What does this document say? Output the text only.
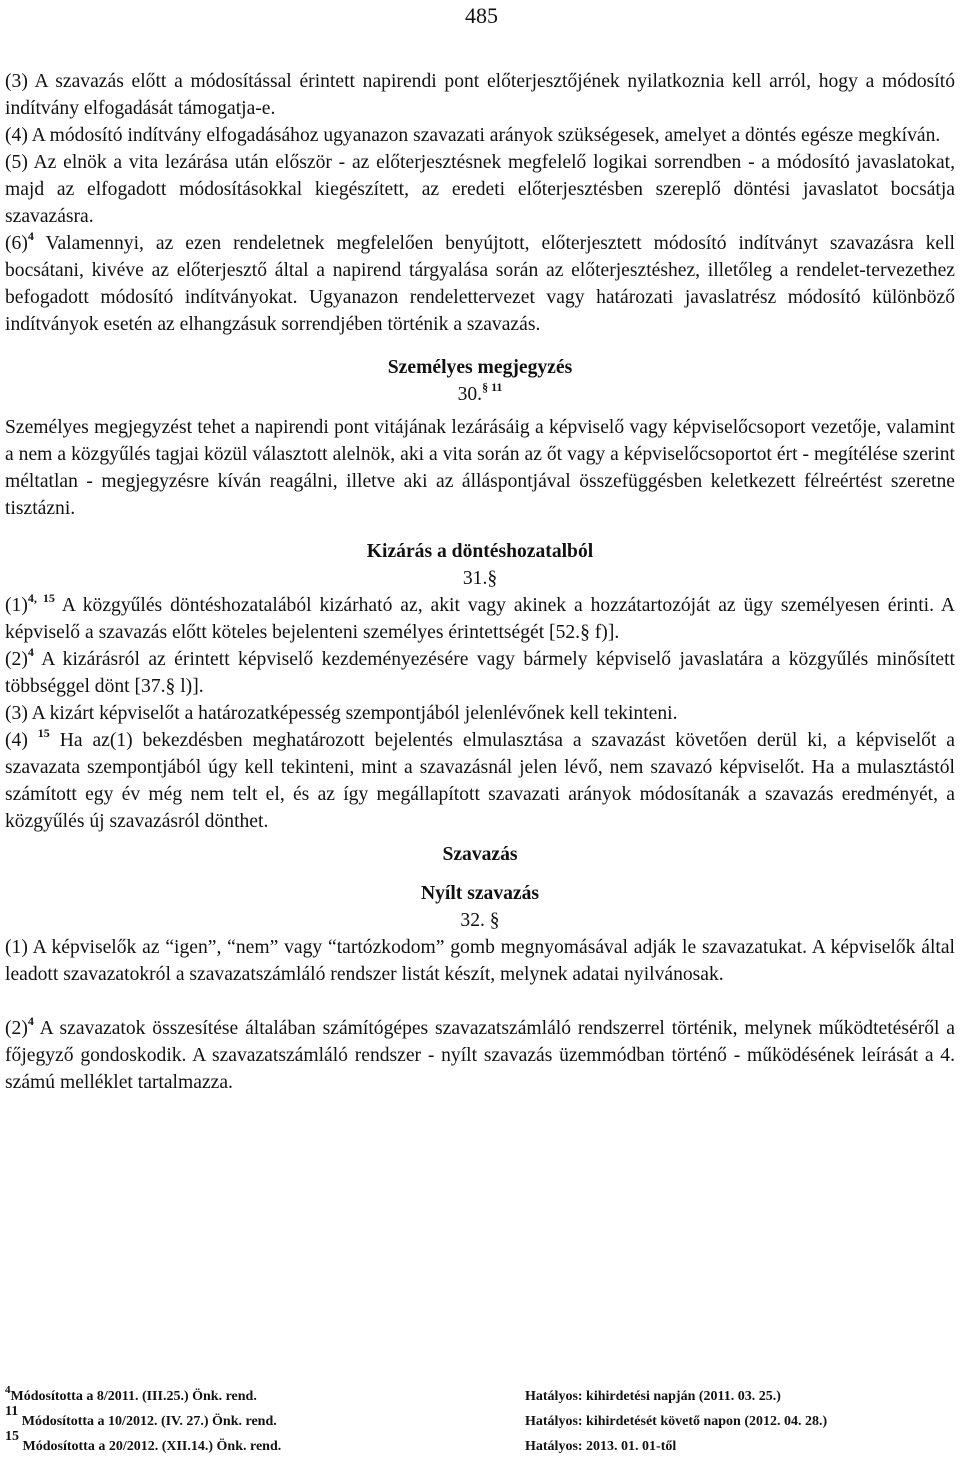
485

(3) A szavazás előtt a módosítással érintett napirendi pont előterjesztőjének nyilatkoznia kell arról, hogy a módosító indítvány elfogadását támogatja-e.

(4) A módosító indítvány elfogadásához ugyanazon szavazati arányok szükségesek, amelyet a döntés egésze megkíván.

(5) Az elnök a vita lezárása után először - az előterjesztésnek megfelelő logikai sorrendben - a módosító javaslatokat, majd az elfogadott módosításokkal kiegészített, az eredeti előterjesztésben szereplő döntési javaslatot bocsátja szavazásra.

$(6)^4$ Valamennyi, az ezen rendeletnek megfelelően benyújtott, előterjesztett módosító indítványt szavazásra kell bocsátani, kivéve az előterjesztő által a napirend tárgyalása során az előterjesztéshez, illetőleg a rendelet-tervezethez befogadott módosító indítványokat. Ugyanazon rendelettervezet vagy határozati javaslatrész módosító különböző indítványok esetén az elhangzásuk sorrendjében történik a szavazás.

Személyes megjegyzés

30.$^{\S 11}$

Személyes megjegyzést tehet a napirendi pont vitájának lezárásáig a képviselő vagy képviselőcsoport vezetője, valamint a nem a közgyűlés tagjai közül választott alelnök, aki a vita során az őt vagy a képviselőcsoportot ért - megítélése szerint méltatlan - megjegyzésre kíván reagálni, illetve aki az álláspontjával összefüggésben keletkezett félreértést szeretne tisztázni.

Kizárás a döntéshozatalból

31.§

$(1)^{4, 15}$ A közgyűlés döntéshozatalából kizárható az, akit vagy akinek a hozzátartozóját az ügy személyesen érinti. A képviselő a szavazás előtt köteles bejelenteni személyes érintettségét [52.§ f)].

$(2)^4$ A kizárásról az érintett képviselő kezdeményezésére vagy bármely képviselő javaslatára a közgyűlés minősített többséggel dönt [37.§ l)].

(3) A kizárt képviselőt a határozatképesség szempontjából jelenlévőnek kell tekinteni.

(4) $^{15}$ Ha az(1) bekezdésben meghatározott bejelentés elmulasztása a szavazást követően derül ki, a képviselőt a szavazata szempontjából úgy kell tekinteni, mint a szavazásnál jelen lévő, nem szavazó képviselőt. Ha a mulasztástól számított egy év még nem telt el, és az így megállapított szavazati arányok módosítanák a szavazás eredményét, a közgyűlés új szavazásról dönthet.

Szavazás

Nyílt szavazás

32. §

(1) A képviselők az “igen”, “nem” vagy “tartózkodom” gomb megnyomásával adják le szavazatukat. A képviselők által leadott szavazatokról a szavazatszámláló rendszer listát készít, melynek adatai nyilvánosak.

$(2)^4$ A szavazatok összesítése általában számítógépes szavazatszámláló rendszerrel történik, melynek működtetéséről a főjegyző gondoskodik. A szavazatszámláló rendszer - nyílt szavazás üzemmódban történő - működésének leírását a 4. számú melléklet tartalmazza.

$^4$Módosította a 8/2011. (III.25.) Önk. rend.	Hatályos: kihirdetési napján (2011. 03. 25.)
$^{11}$ Módosította a 10/2012. (IV. 27.) Önk. rend.	Hatályos: kihirdetését követő napon (2012. 04. 28.)
$^{15}$ Módosította a 20/2012. (XII.14.) Önk. rend.	Hatályos: 2013. 01. 01-től
